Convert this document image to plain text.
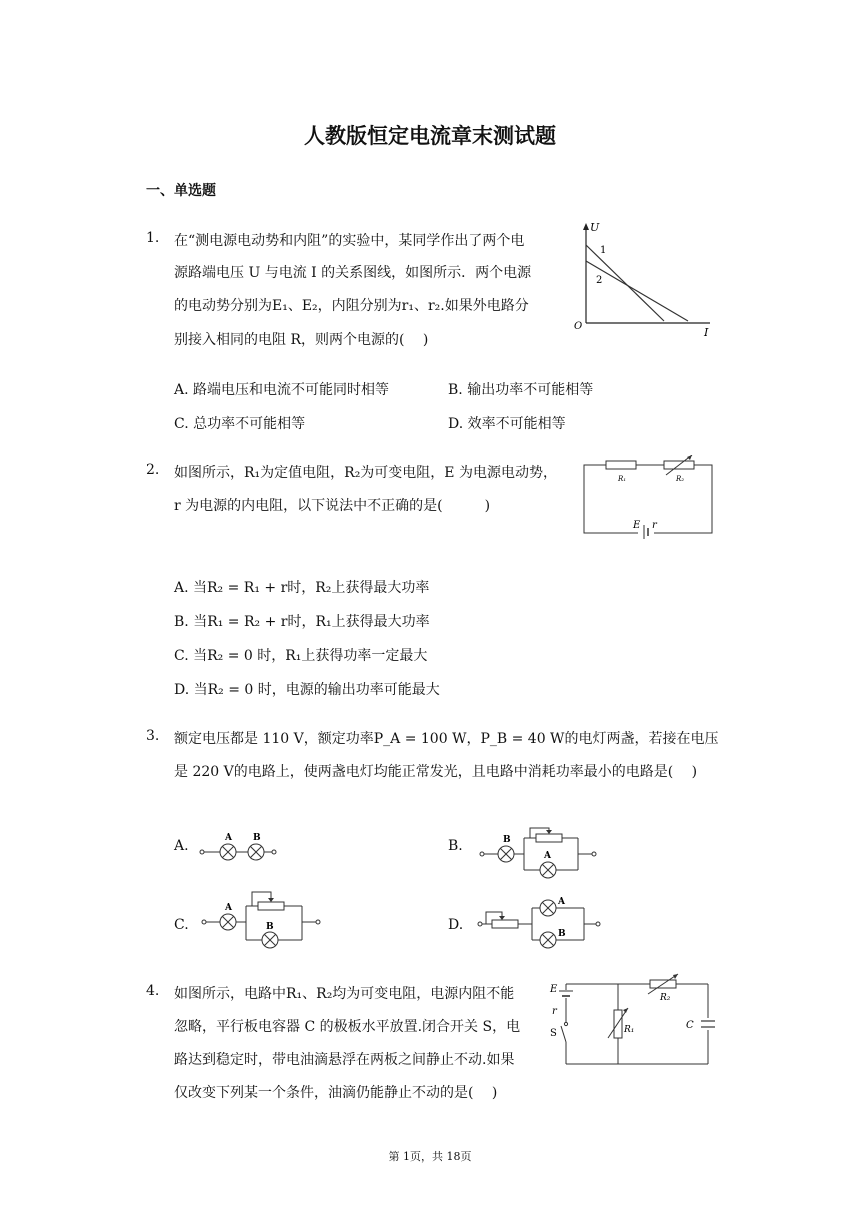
人教版恒定电流章末测试题
一、单选题
1. 在“测电源电动势和内阻”的实验中，某同学作出了两个电
源路端电压 U 与电流 I 的关系图线，如图所示．两个电源
的电动势分别为E₁、E₂，内阻分别为r₁、r₂.如果外电路分
别接入相同的电阻 R，则两个电源的(　 )
A. 路端电压和电流不可能同时相等	B. 输出功率不可能相等
C. 总功率不可能相等	D. 效率不可能相等
U
I
O
1
2
2. 如图所示，R₁为定值电阻，R₂为可变电阻，E 为电源电动势，
r 为电源的内电阻，以下说法中不正确的是(　　　)
A. 当R₂ = R₁ + r时，R₂上获得最大功率
B. 当R₁ = R₂ + r时，R₁上获得最大功率
C. 当R₂ = 0 时，R₁上获得功率一定最大
D. 当R₂ = 0 时，电源的输出功率可能最大
R₁	R₂
E r
3. 额定电压都是 110 V，额定功率P_A = 100 W，P_B = 40 W的电灯两盏，若接在电压
是 220 V的电路上，使两盏电灯均能正常发光，且电路中消耗功率最小的电路是(　 )
A.	B.
C.	D.
A B	B
A
A
B
A
B
4. 如图所示，电路中R₁、R₂均为可变电阻，电源内阻不能
忽略，平行板电容器 C 的极板水平放置.闭合开关 S，电
路达到稳定时，带电油滴悬浮在两板之间静止不动.如果
仅改变下列某一个条件，油滴仍能静止不动的是(　 )
E
r
S	R₁
R₂
C
第 1页，共 18页
